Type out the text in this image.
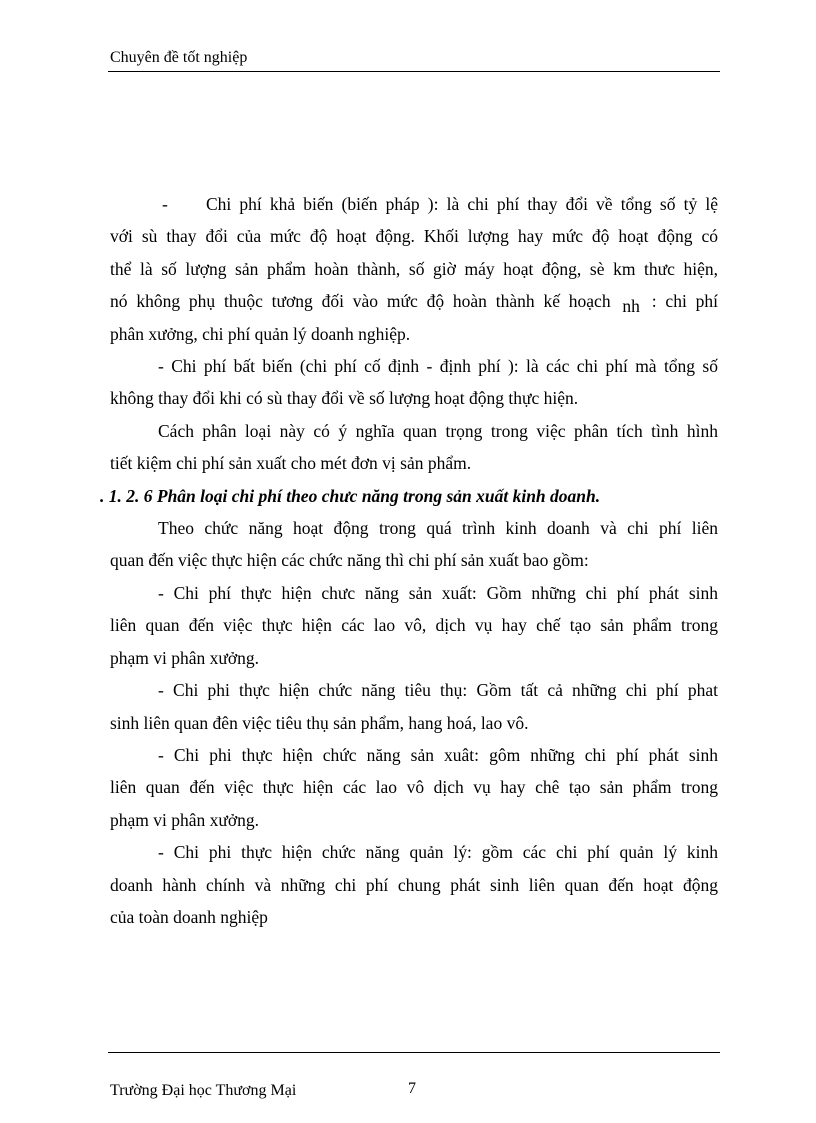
Chuyên đề tốt nghiệp
- Chi phí khả biến (biến pháp ): là chi phí thay đổi về tổng số tỷ lệ
với sù thay đổi của mức độ hoạt động. Khối lượng hay mức độ hoạt động có
thể là số lượng sản phẩm hoàn thành, số giờ máy hoạt động, sè km thưc hiện,
nó không phụ thuộc tương đối vào mức độ hoàn thành kế hoạch nh : chi phí
phân xưởng, chi phí quản lý doanh nghiệp.
- Chi phí bất biến (chi phí cố định - định phí ): là các chi phí mà tổng số
không thay đổi khi có sù thay đổi về số lượng hoạt động thực hiện.
Cách phân loại này có ý nghĩa quan trọng trong việc phân tích tình hình
tiết kiệm chi phí sản xuất cho mét đơn vị sản phẩm.
. 1. 2. 6 Phân loại chi phí theo chưc năng trong sản xuất kinh doanh.
Theo chức năng hoạt động trong quá trình kinh doanh và chi phí liên
quan đến việc thực hiện các chức năng thì chi phí sản xuất bao gồm:
- Chi phí thực hiện chưc năng sản xuất: Gồm những chi phí phát sinh
liên quan đến việc thực hiện các lao vô, dịch vụ hay chế tạo sản phẩm trong
phạm vi phân xưởng.
- Chi phi thực hiện chức năng tiêu thụ: Gồm tất cả những chi phí phat
sinh liên quan đên việc tiêu thụ sản phẩm, hang hoá, lao vô.
- Chi phi thực hiện chức năng sản xuât: gôm những chi phí phát sinh
liên quan đến việc thực hiện các lao vô dịch vụ hay chê tạo sản phẩm trong
phạm vi phân xưởng.
- Chi phi thực hiện chức năng quản lý: gồm các chi phí quản lý kinh
doanh hành chính và những chi phí chung phát sinh liên quan đến hoạt động
của toàn doanh nghiệp
Trường Đại học Thương Mại	7
